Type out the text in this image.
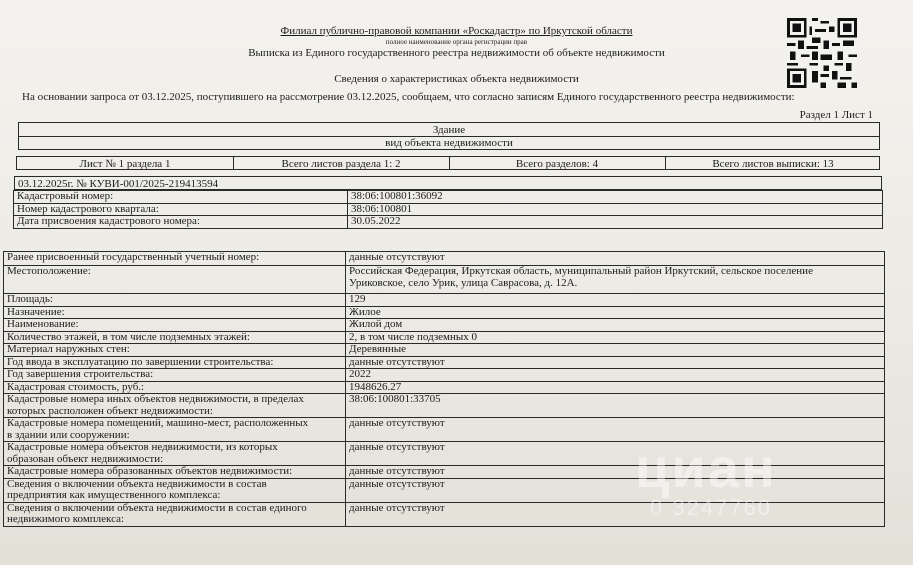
Филиал публично-правовой компании «Роскадастр» по Иркутской области
полное наименование органа регистрации прав
Выписка из Единого государственного реестра недвижимости об объекте недвижимости
Сведения о характеристиках объекта недвижимости
На основании запроса от 03.12.2025, поступившего на рассмотрение 03.12.2025, сообщаем, что согласно записям Единого государственного реестра недвижимости:
Раздел 1 Лист 1
Здание
вид объекта недвижимости
Лист № 1 раздела 1	Всего листов раздела 1: 2	Всего разделов: 4	Всего листов выписки: 13
03.12.2025г. № КУВИ-001/2025-219413594
Кадастровый номер:	38:06:100801:36092
Номер кадастрового квартала:	38:06:100801
Дата присвоения кадастрового номера:	30.05.2022
Ранее присвоенный государственный учетный номер:	данные отсутствуют
Местоположение:	Российская Федерация, Иркутская область, муниципальный район Иркутский, сельское поселение
Уриковское, село Урик, улица Саврасова, д. 12А.

Площадь:	129
Назначение:	Жилое
Наименование:	Жилой дом
Количество этажей, в том числе подземных этажей:	2, в том числе подземных 0
Материал наружных стен:	Деревянные
Год ввода в эксплуатацию по завершении строительства:	данные отсутствуют
Год завершения строительства:	2022
Кадастровая стоимость, руб.:	1948626.27

Кадастровые номера иных объектов недвижимости, в пределах
которых расположен объект недвижимости:	38:06:100801:33705

Кадастровые номера помещений, машино-мест, расположенных
в здании или сооружении:	данные отсутствуют

Кадастровые номера объектов недвижимости, из которых
образован объект недвижимости:	данные отсутствуют
Кадастровые номера образованных объектов недвижимости:	данные отсутствуют

Сведения о включении объекта недвижимости в состав
предприятия как имущественного комплекса:	данные отсутствуют

Сведения о включении объекта недвижимости в состав единого
недвижимого комплекса:	данные отсутствуют
циан
0 3247760
